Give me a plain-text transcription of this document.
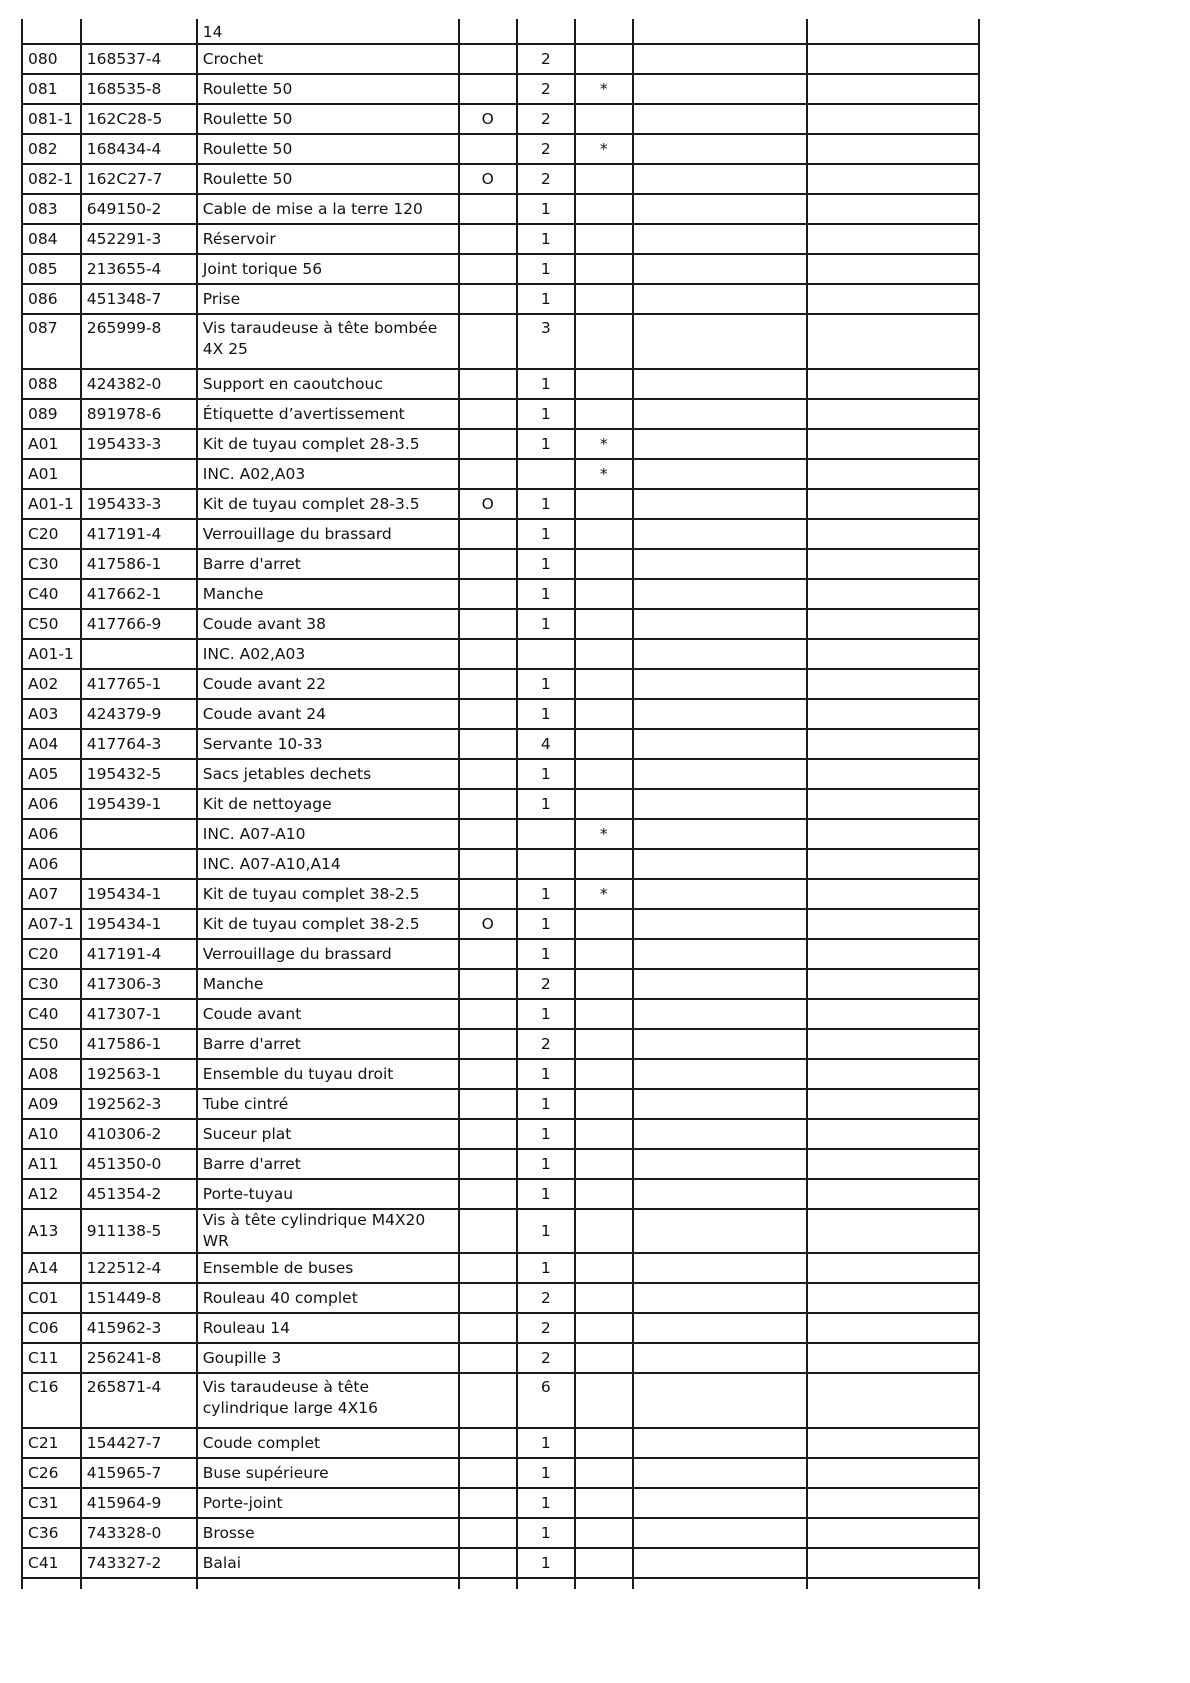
		14					
080	168537-4	Crochet		2			
081	168535-8	Roulette 50		2	*		
081-1	162C28-5	Roulette 50	O	2			
082	168434-4	Roulette 50		2	*		
082-1	162C27-7	Roulette 50	O	2			
083	649150-2	Cable de mise a la terre 120		1			
084	452291-3	Réservoir		1			
085	213655-4	Joint torique 56		1			
086	451348-7	Prise		1			
087	265999-8	Vis taraudeuse à tête bombée 4X 25		3			
088	424382-0	Support en caoutchouc		1			
089	891978-6	Étiquette d’avertissement		1			
A01	195433-3	Kit de tuyau complet 28-3.5		1	*		
A01		INC. A02,A03			*		
A01-1	195433-3	Kit de tuyau complet 28-3.5	O	1			
C20	417191-4	Verrouillage du brassard		1			
C30	417586-1	Barre d'arret		1			
C40	417662-1	Manche		1			
C50	417766-9	Coude avant 38		1			
A01-1		INC. A02,A03					
A02	417765-1	Coude avant 22		1			
A03	424379-9	Coude avant 24		1			
A04	417764-3	Servante 10-33		4			
A05	195432-5	Sacs jetables dechets		1			
A06	195439-1	Kit de nettoyage		1			
A06		INC. A07-A10			*		
A06		INC. A07-A10,A14					
A07	195434-1	Kit de tuyau complet 38-2.5		1	*		
A07-1	195434-1	Kit de tuyau complet 38-2.5	O	1			
C20	417191-4	Verrouillage du brassard		1			
C30	417306-3	Manche		2			
C40	417307-1	Coude avant		1			
C50	417586-1	Barre d'arret		2			
A08	192563-1	Ensemble du tuyau droit		1			
A09	192562-3	Tube cintré		1			
A10	410306-2	Suceur plat		1			
A11	451350-0	Barre d'arret		1			
A12	451354-2	Porte-tuyau		1			
A13	911138-5	Vis à tête cylindrique M4X20 WR		1			
A14	122512-4	Ensemble de buses		1			
C01	151449-8	Rouleau 40 complet		2			
C06	415962-3	Rouleau 14		2			
C11	256241-8	Goupille 3		2			
C16	265871-4	Vis taraudeuse à tête cylindrique large 4X16		6			
C21	154427-7	Coude complet		1			
C26	415965-7	Buse supérieure		1			
C31	415964-9	Porte-joint		1			
C36	743328-0	Brosse		1			
C41	743327-2	Balai		1			
